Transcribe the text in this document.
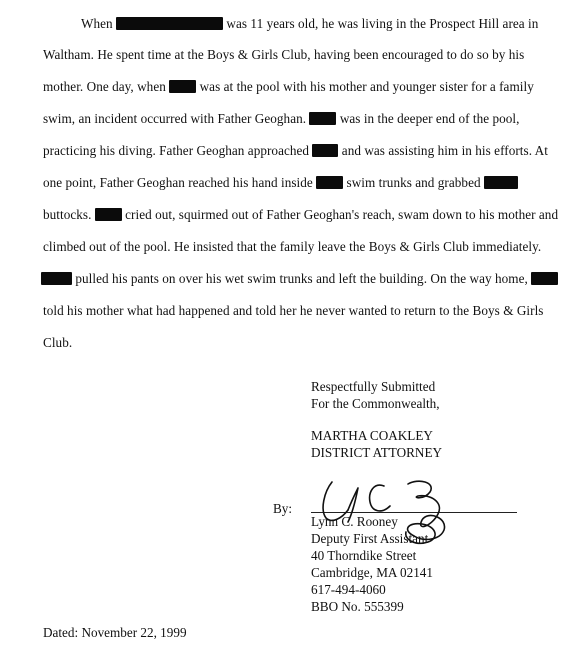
When	was 11 years old, he was living in the Prospect Hill area in
Waltham. He spent time at the Boys & Girls Club, having been encouraged to do so by his
mother. One day, when	was at the pool with his mother and younger sister for a family
swim, an incident occurred with Father Geoghan.	was in the deeper end of the pool,
practicing his diving. Father Geoghan approached and was assisting him in his efforts. At
one point, Father Geoghan reached his hand inside	swim trunks and grabbed
buttocks.	cried out, squirmed out of Father Geoghan's reach, swam down to his mother and
climbed out of the pool. He insisted that the family leave the Boys & Girls Club immediately.
pulled his pants on over his wet swim trunks and left the building. On the way home,
told his mother what had happened and told her he never wanted to return to the Boys & Girls
Club.
Respectfully Submitted
For the Commonwealth,
MARTHA COAKLEY
DISTRICT ATTORNEY
By:
Lynn C. Rooney
Deputy First Assistant
40 Thorndike Street
Cambridge, MA 02141
617-494-4060
BBO No. 555399
Dated: November 22, 1999
